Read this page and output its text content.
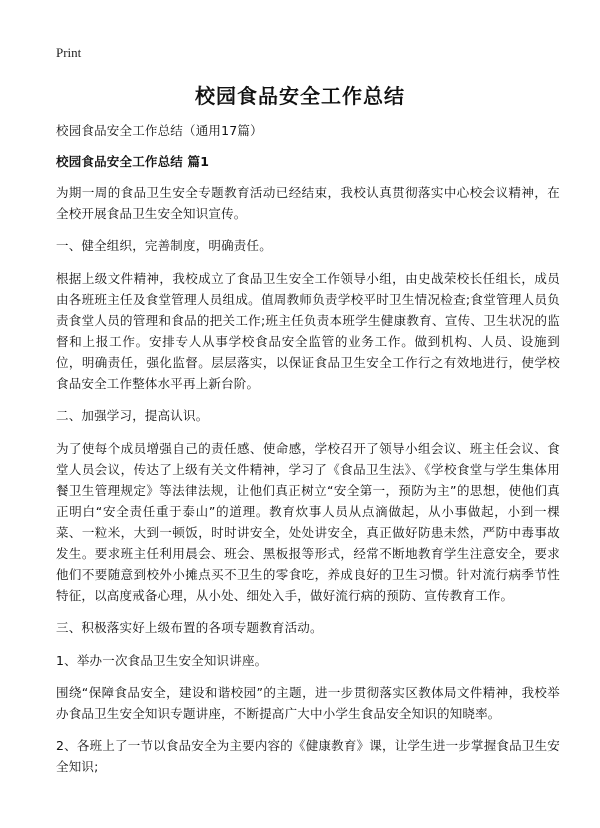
Print
校园食品安全工作总结

校园食品安全工作总结（通用17篇）

校园食品安全工作总结 篇1

为期一周的食品卫生安全专题教育活动已经结束，我校认真贯彻落实中心校会议精神，在全校开展食品卫生安全知识宣传。

一、健全组织，完善制度，明确责任。

根据上级文件精神，我校成立了食品卫生安全工作领导小组，由史战荣校长任组长，成员由各班班主任及食堂管理人员组成。值周教师负责学校平时卫生情况检查;食堂管理人员负责食堂人员的管理和食品的把关工作;班主任负责本班学生健康教育、宣传、卫生状况的监督和上报工作。安排专人从事学校食品安全监管的业务工作。做到机构、人员、设施到位，明确责任，强化监督。层层落实，以保证食品卫生安全工作行之有效地进行，使学校食品安全工作整体水平再上新台阶。

二、加强学习，提高认识。

为了使每个成员增强自己的责任感、使命感，学校召开了领导小组会议、班主任会议、食堂人员会议，传达了上级有关文件精神，学习了《食品卫生法》、《学校食堂与学生集体用餐卫生管理规定》等法律法规，让他们真正树立“安全第一，预防为主”的思想，使他们真正明白“安全责任重于泰山”的道理。教育炊事人员从点滴做起，从小事做起，小到一棵菜、一粒米，大到一顿饭，时时讲安全，处处讲安全，真正做好防患未然，严防中毒事故发生。要求班主任利用晨会、班会、黑板报等形式，经常不断地教育学生注意安全，要求他们不要随意到校外小摊点买不卫生的零食吃，养成良好的卫生习惯。针对流行病季节性特征，以高度戒备心理，从小处、细处入手，做好流行病的预防、宣传教育工作。

三、积极落实好上级布置的各项专题教育活动。

1、举办一次食品卫生安全知识讲座。

围绕“保障食品安全，建设和谐校园”的主题，进一步贯彻落实区教体局文件精神，我校举办食品卫生安全知识专题讲座，不断提高广大中小学生食品安全知识的知晓率。

2、各班上了一节以食品安全为主要内容的《健康教育》课，让学生进一步掌握食品卫生安全知识;
